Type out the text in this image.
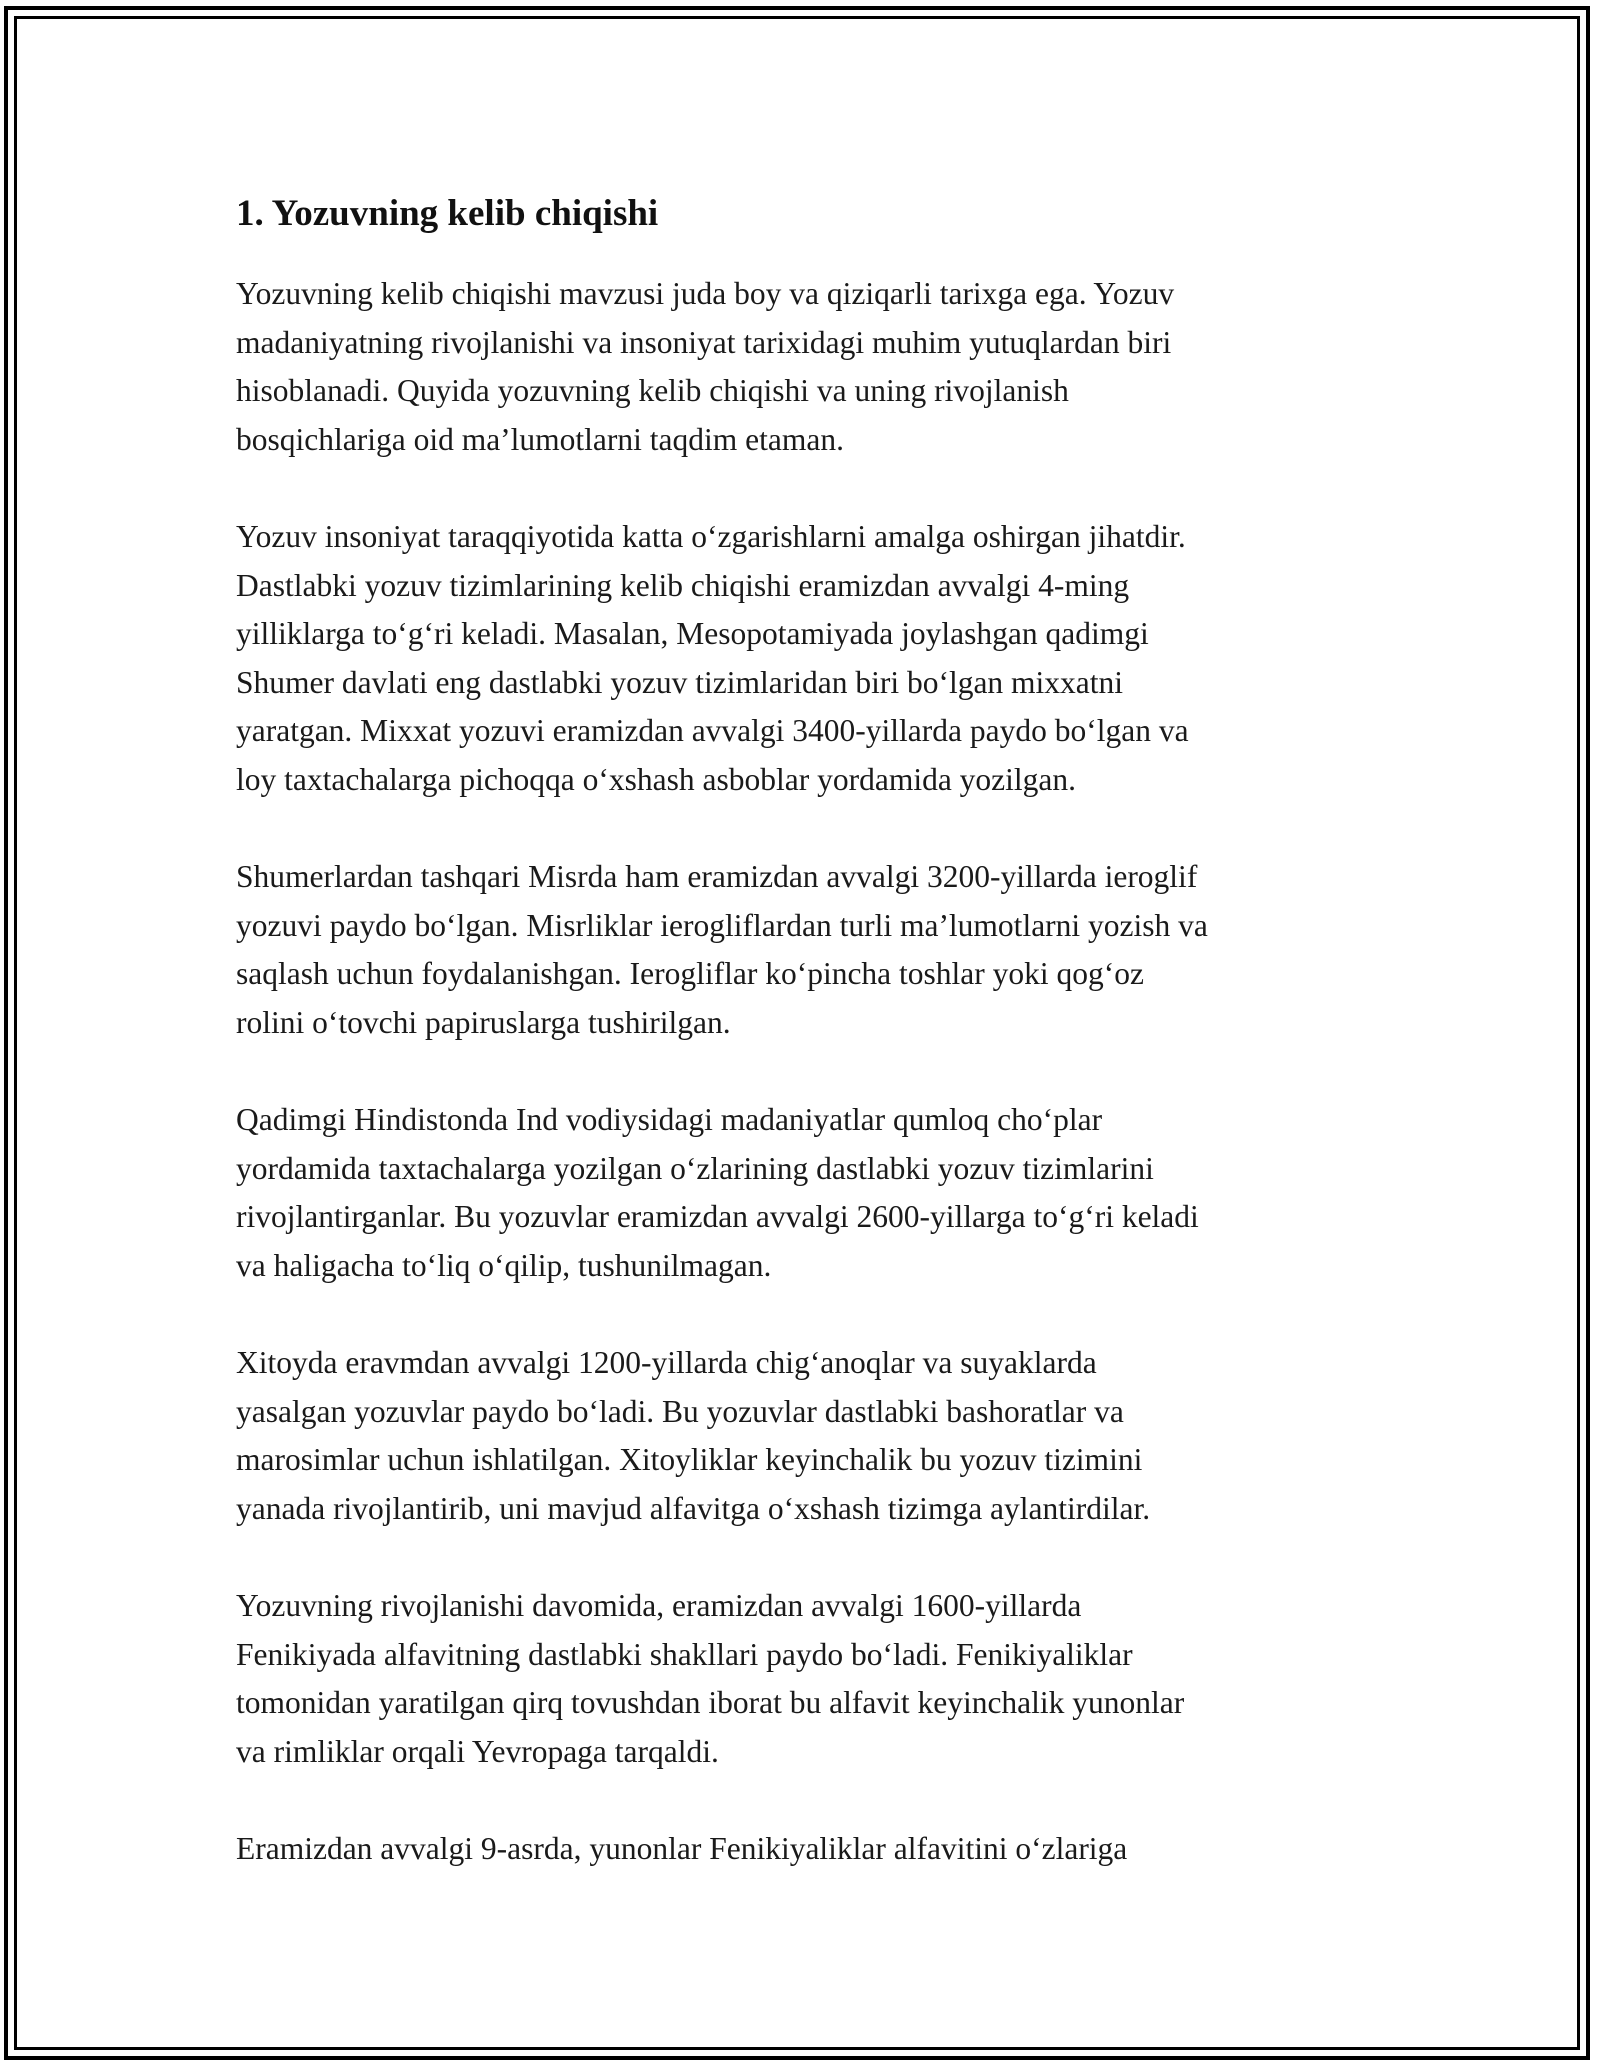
1. Yozuvning kelib chiqishi

Yozuvning kelib chiqishi mavzusi juda boy va qiziqarli tarixga ega. Yozuv
madaniyatning rivojlanishi va insoniyat tarixidagi muhim yutuqlardan biri
hisoblanadi. Quyida yozuvning kelib chiqishi va uning rivojlanish
bosqichlariga oid ma’lumotlarni taqdim etaman.

Yozuv insoniyat taraqqiyotida katta o‘zgarishlarni amalga oshirgan jihatdir.
Dastlabki yozuv tizimlarining kelib chiqishi eramizdan avvalgi 4-ming
yilliklarga to‘g‘ri keladi. Masalan, Mesopotamiyada joylashgan qadimgi
Shumer davlati eng dastlabki yozuv tizimlaridan biri bo‘lgan mixxatni
yaratgan. Mixxat yozuvi eramizdan avvalgi 3400-yillarda paydo bo‘lgan va
loy taxtachalarga pichoqqa o‘xshash asboblar yordamida yozilgan.

Shumerlardan tashqari Misrda ham eramizdan avvalgi 3200-yillarda ieroglif
yozuvi paydo bo‘lgan. Misrliklar ierogliflardan turli ma’lumotlarni yozish va
saqlash uchun foydalanishgan. Ierogliflar ko‘pincha toshlar yoki qog‘oz
rolini o‘tovchi papiruslarga tushirilgan.

Qadimgi Hindistonda Ind vodiysidagi madaniyatlar qumloq cho‘plar
yordamida taxtachalarga yozilgan o‘zlarining dastlabki yozuv tizimlarini
rivojlantirganlar. Bu yozuvlar eramizdan avvalgi 2600-yillarga to‘g‘ri keladi
va haligacha to‘liq o‘qilip, tushunilmagan.

Xitoyda eravmdan avvalgi 1200-yillarda chig‘anoqlar va suyaklarda
yasalgan yozuvlar paydo bo‘ladi. Bu yozuvlar dastlabki bashoratlar va
marosimlar uchun ishlatilgan. Xitoyliklar keyinchalik bu yozuv tizimini
yanada rivojlantirib, uni mavjud alfavitga o‘xshash tizimga aylantirdilar.

Yozuvning rivojlanishi davomida, eramizdan avvalgi 1600-yillarda
Fenikiyada alfavitning dastlabki shakllari paydo bo‘ladi. Fenikiyaliklar
tomonidan yaratilgan qirq tovushdan iborat bu alfavit keyinchalik yunonlar
va rimliklar orqali Yevropaga tarqaldi.

Eramizdan avvalgi 9-asrda, yunonlar Fenikiyaliklar alfavitini o‘zlariga
